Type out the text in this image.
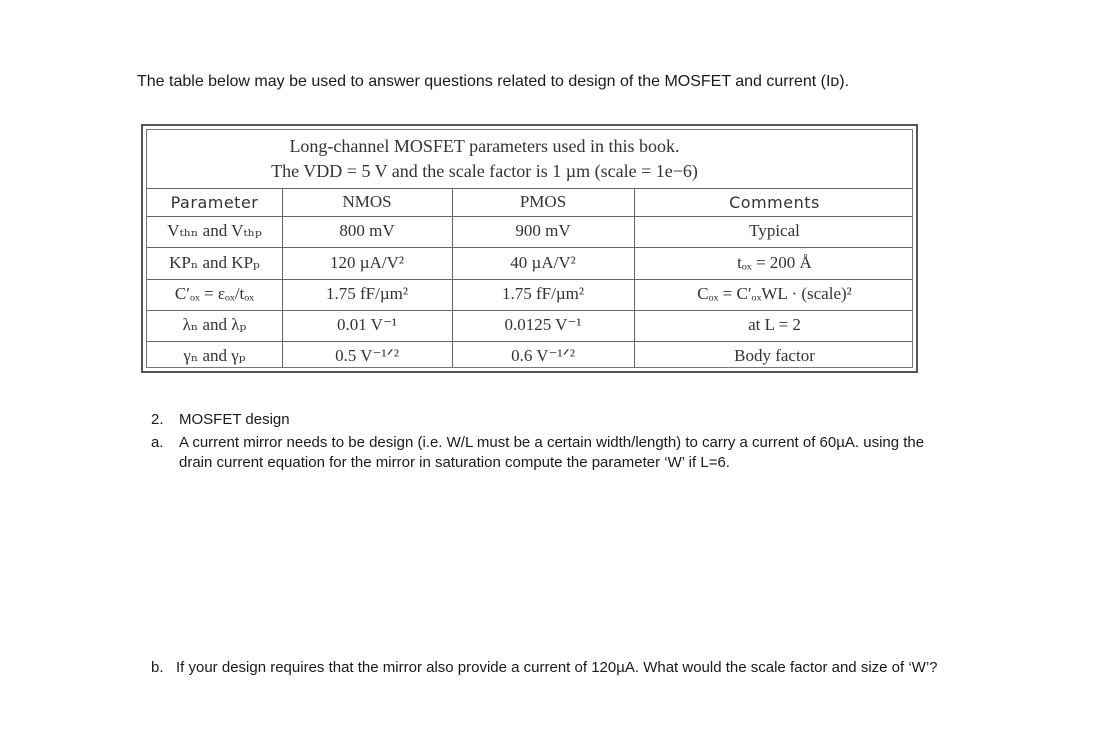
The table below may be used to answer questions related to design of the MOSFET and current (Iᴅ).
Long-channel MOSFET parameters used in this book.
The VDD = 5 V and the scale factor is 1 µm (scale = 1e−6)
Parameter	NMOS	PMOS	Comments
Vₜₕₙ and Vₜₕₚ	800 mV	900 mV	Typical
KPₙ and KPₚ	120 µA/V²	40 µA/V²	tₒₓ = 200 Å
C′ₒₓ = εₒₓ/tₒₓ	1.75 fF/µm²	1.75 fF/µm²	Cₒₓ = C′ₒₓWL · (scale)²
λₙ and λₚ	0.01 V⁻¹	0.0125 V⁻¹	at L = 2
γₙ and γₚ	0.5 V⁻¹ᐟ²	0.6 V⁻¹ᐟ²	Body factor
2. MOSFET design
a. A current mirror needs to be design (i.e. W/L must be a certain width/length) to carry a current of 60µA. using the drain current equation for the mirror in saturation compute the parameter ‘W’ if L=6.
b. If your design requires that the mirror also provide a current of 120µA. What would the scale factor and size of ‘W’?
